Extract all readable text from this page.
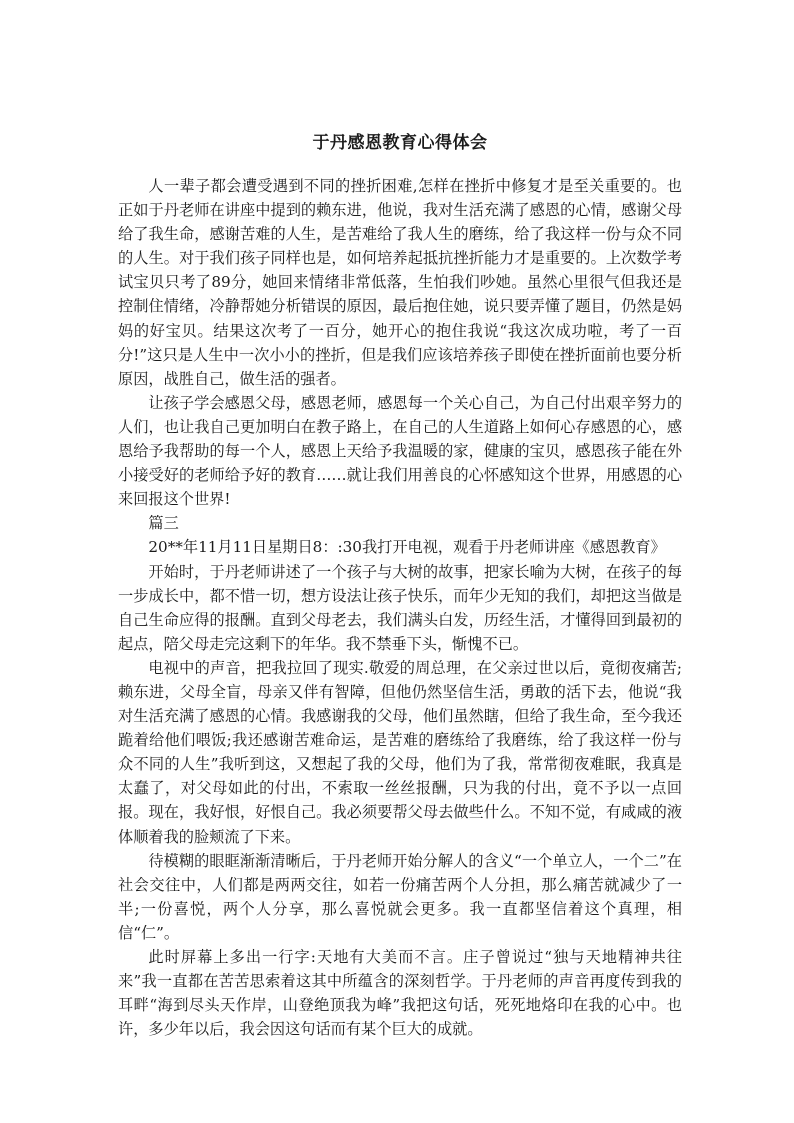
于丹感恩教育心得体会

人一辈子都会遭受遇到不同的挫折困难,怎样在挫折中修复才是至关重要的。也正如于丹老师在讲座中提到的赖东进，他说，我对生活充满了感恩的心情，感谢父母给了我生命，感谢苦难的人生，是苦难给了我人生的磨练，给了我这样一份与众不同的人生。对于我们孩子同样也是，如何培养起抵抗挫折能力才是重要的。上次数学考试宝贝只考了89分，她回来情绪非常低落，生怕我们吵她。虽然心里很气但我还是控制住情绪，冷静帮她分析错误的原因，最后抱住她，说只要弄懂了题目，仍然是妈妈的好宝贝。结果这次考了一百分，她开心的抱住我说“我这次成功啦，考了一百分!”这只是人生中一次小小的挫折，但是我们应该培养孩子即使在挫折面前也要分析原因，战胜自己，做生活的强者。

让孩子学会感恩父母，感恩老师，感恩每一个关心自己，为自己付出艰辛努力的人们，也让我自己更加明白在教子路上，在自己的人生道路上如何心存感恩的心，感恩给予我帮助的每一个人，感恩上天给予我温暖的家，健康的宝贝，感恩孩子能在外小接受好的老师给予好的教育……就让我们用善良的心怀感知这个世界，用感恩的心来回报这个世界!

篇三

20**年11月11日星期日8：:30我打开电视，观看于丹老师讲座《感恩教育》

开始时，于丹老师讲述了一个孩子与大树的故事，把家长喻为大树，在孩子的每一步成长中，都不惜一切，想方设法让孩子快乐，而年少无知的我们，却把这当做是自己生命应得的报酬。直到父母老去，我们满头白发，历经生活，才懂得回到最初的起点，陪父母走完这剩下的年华。我不禁垂下头，惭愧不已。

电视中的声音，把我拉回了现实.敬爱的周总理，在父亲过世以后，竟彻夜痛苦;赖东进，父母全盲，母亲又伴有智障，但他仍然坚信生活，勇敢的活下去，他说“我对生活充满了感恩的心情。我感谢我的父母，他们虽然瞎，但给了我生命，至今我还跪着给他们喂饭;我还感谢苦难命运，是苦难的磨练给了我磨练，给了我这样一份与众不同的人生”我听到这，又想起了我的父母，他们为了我，常常彻夜难眠，我真是太蠢了，对父母如此的付出，不索取一丝丝报酬，只为我的付出，竟不予以一点回报。现在，我好恨，好恨自己。我必须要帮父母去做些什么。不知不觉，有咸咸的液体顺着我的脸颊流了下来。

待模糊的眼眶渐渐清晰后，于丹老师开始分解人的含义“一个单立人，一个二”在社会交往中，人们都是两两交往，如若一份痛苦两个人分担，那么痛苦就减少了一半;一份喜悦，两个人分享，那么喜悦就会更多。我一直都坚信着这个真理，相信“仁”。

此时屏幕上多出一行字:天地有大美而不言。庄子曾说过“独与天地精神共往来”我一直都在苦苦思索着这其中所蕴含的深刻哲学。于丹老师的声音再度传到我的耳畔“海到尽头天作岸，山登绝顶我为峰”我把这句话，死死地烙印在我的心中。也许，多少年以后，我会因这句话而有某个巨大的成就。
